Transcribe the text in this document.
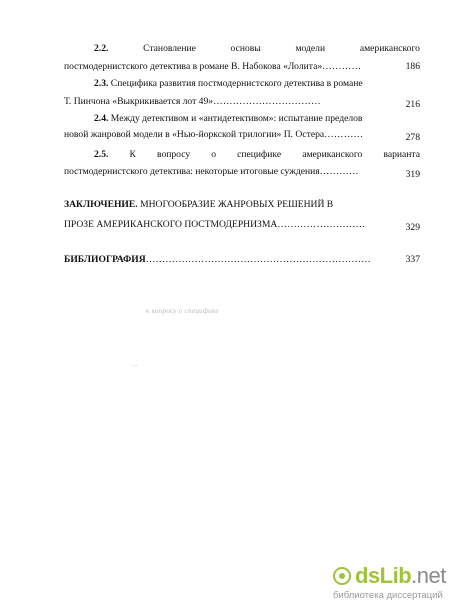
2.2.	Становление	основы	модели	американского
постмодернистского детектива в романе В. Набокова «Лолита»…………	186
2.3. Специфика развития постмодернистского детектива в романе
Т. Пинчона «Выкрикивается лот 49»……………………………	216
2.4. Между детективом и «антидетективом»: испытание пределов
новой жанровой модели в «Нью-йоркской трилогии» П. Остера…………	278
2.5. К вопросу о специфике американского варианта
постмодернистского детектива: некоторые итоговые суждения…………	319
ЗАКЛЮЧЕНИЕ. МНОГООБРАЗИЕ ЖАНРОВЫХ РЕШЕНИЙ В
ПРОЗЕ АМЕРИКАНСКОГО ПОСТМОДЕРНИЗМА………………………	329
БИБЛИОГРАФИЯ……………………………………………………………	337
к вопросу о специфике
...
dsLib.net
библиотека диссертаций
